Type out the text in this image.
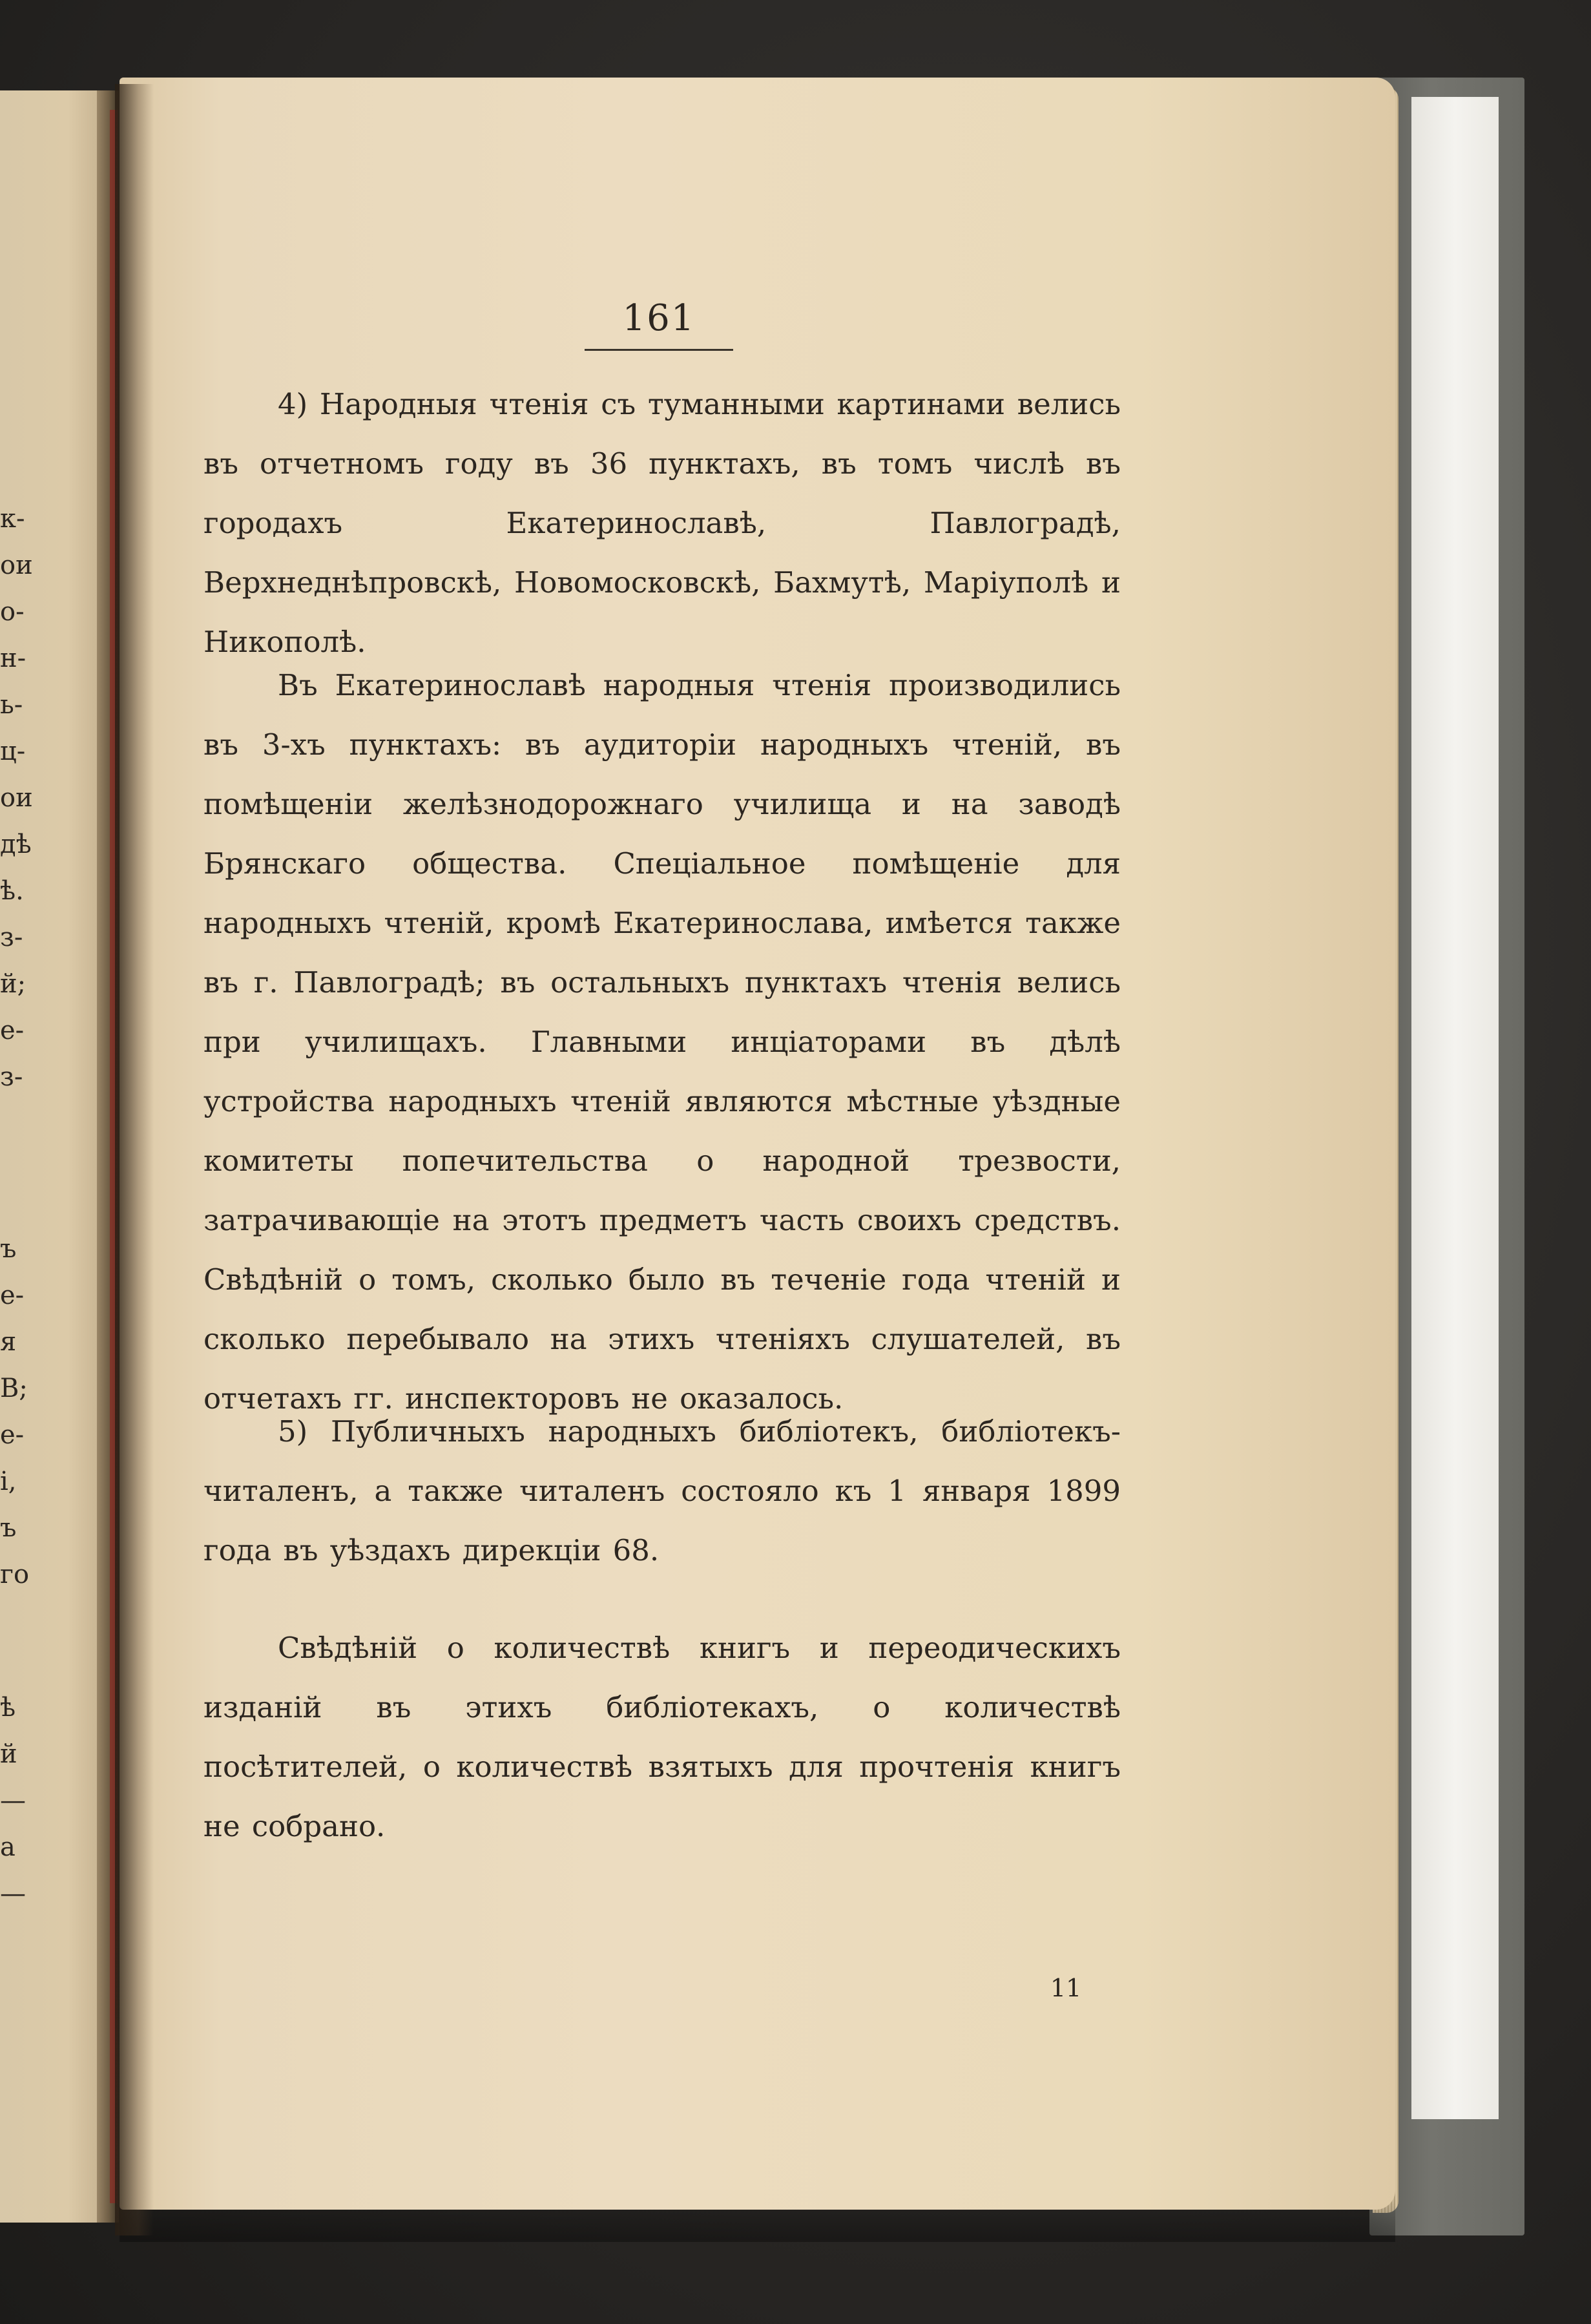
к-
ои
о-
н-
ь-
ц-
ои
дѣ
ѣ.
з-
й;
е-
з-
ъ
е-
я
В;
е-
і,
ъ
го
ѣ
й
—
а
—
161
4) Народныя чтенія съ туманными картинами велись въ отчетномъ году въ 36 пунктахъ, въ томъ числѣ въ городахъ Екатеринославѣ, Павлоградѣ, Верхнеднѣпровскѣ, Новомосковскѣ, Бахмутѣ, Маріуполѣ и Никополѣ.
Въ Екатеринославѣ народныя чтенія производились въ 3-хъ пунктахъ: въ аудиторіи народныхъ чтеній, въ помѣщеніи желѣзнодорожнаго училища и на заводѣ Брянскаго общества. Спеціальное помѣщеніе для народныхъ чтеній, кромѣ Екатеринослава, имѣется также въ г. Павлоградѣ; въ остальныхъ пунктахъ чтенія велись при училищахъ. Главными инціаторами въ дѣлѣ устройства народныхъ чтеній являются мѣстные уѣздные комитеты попечительства о народной трезвости, затрачивающіе на этотъ предметъ часть своихъ средствъ. Свѣдѣній о томъ, сколько было въ теченіе года чтеній и сколько перебывало на этихъ чтеніяхъ слушателей, въ отчетахъ гг. инспекторовъ не оказалось.
5) Публичныхъ народныхъ библіотекъ, библіотекъ-читаленъ, а также читаленъ состояло къ 1 января 1899 года въ уѣздахъ дирекціи 68.
Свѣдѣній о количествѣ книгъ и переодическихъ изданій въ этихъ библіотекахъ, о количествѣ посѣтителей, о количествѣ взятыхъ для прочтенія книгъ не собрано.
11
